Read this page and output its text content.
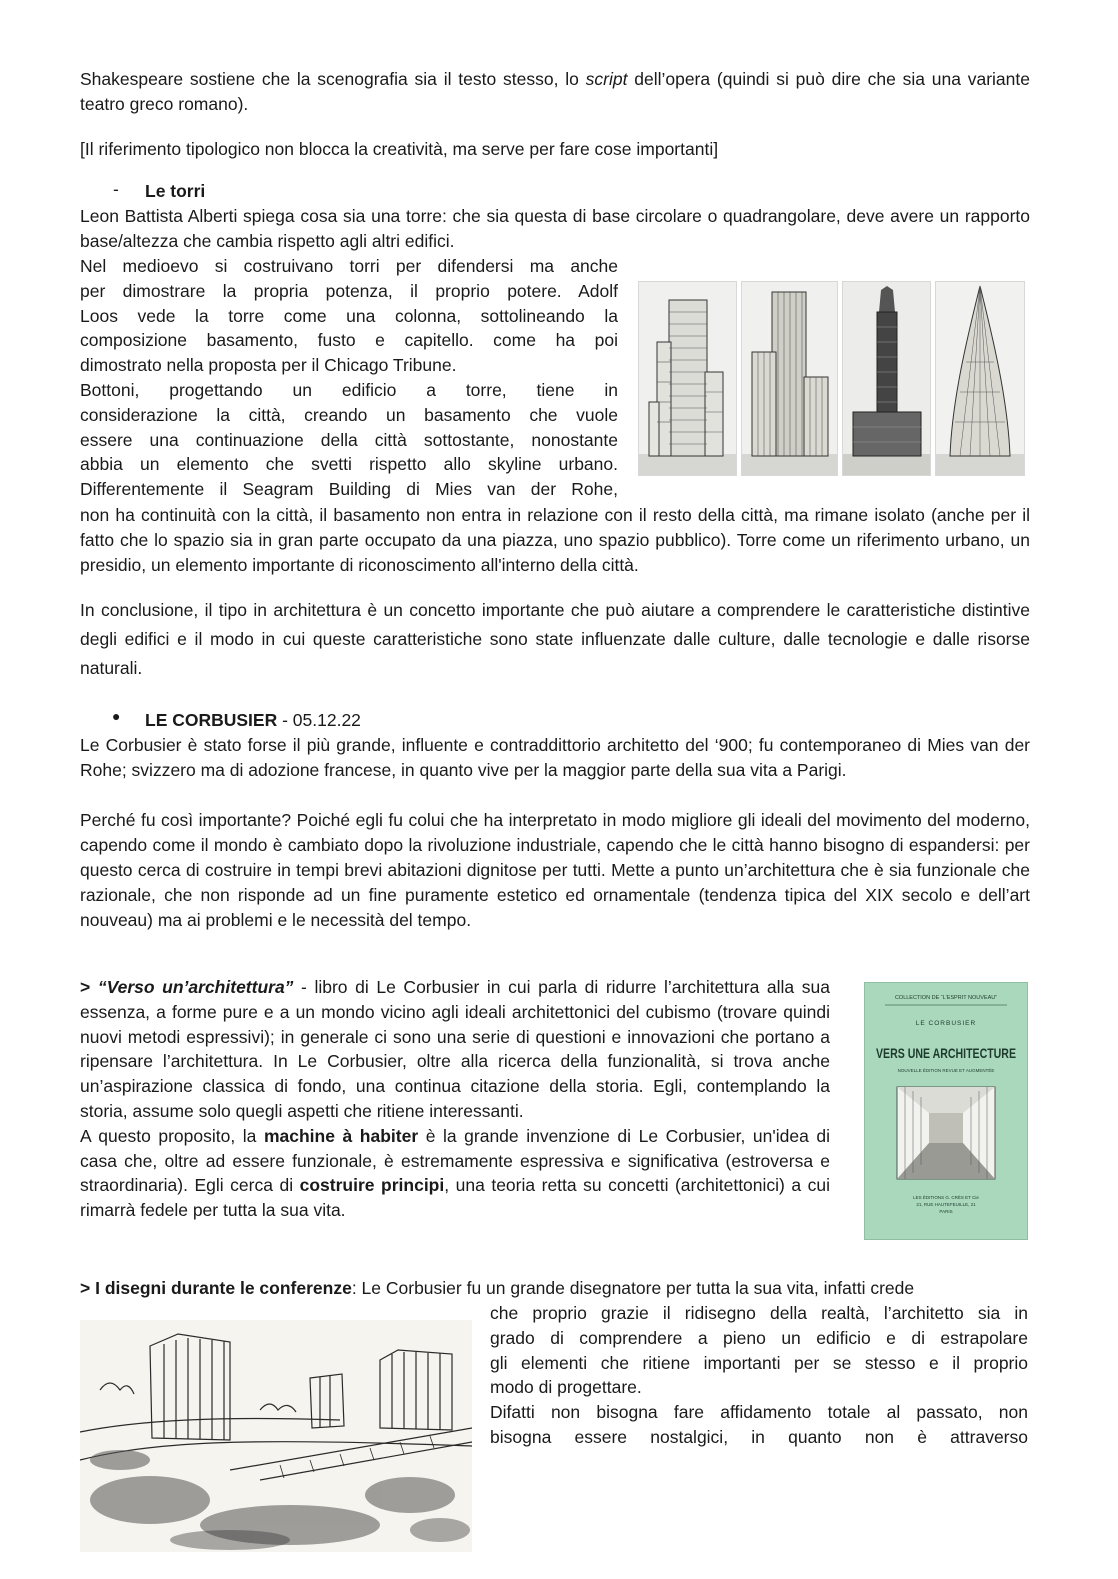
Shakespeare sostiene che la scenografia sia il testo stesso, lo script dell’opera (quindi si può dire che sia una variante teatro greco romano).

[Il riferimento tipologico non blocca la creatività, ma serve per fare cose importanti]

- Le torri

Leon Battista Alberti spiega cosa sia una torre: che sia questa di base circolare o quadrangolare, deve avere un rapporto base/altezza che cambia rispetto agli altri edifici.

Nel medioevo si costruivano torri per difendersi ma anche
per dimostrare la propria potenza, il proprio potere. Adolf
Loos vede la torre come una colonna, sottolineando la
composizione basamento, fusto e capitello. come ha poi
dimostrato nella proposta per il Chicago Tribune.
Bottoni, progettando un edificio a torre, tiene in
considerazione la città, creando un basamento che vuole
essere una continuazione della città sottostante, nonostante
abbia un elemento che svetti rispetto allo skyline urbano.
Differentemente il Seagram Building di Mies van der Rohe,

non ha continuità con la città, il basamento non entra in relazione con il resto della città, ma rimane isolato (anche per il fatto che lo spazio sia in gran parte occupato da una piazza, uno spazio pubblico). Torre come un riferimento urbano, un presidio, un elemento importante di riconoscimento all'interno della città.

In conclusione, il tipo in architettura è un concetto importante che può aiutare a comprendere le caratteristiche distintive degli edifici e il modo in cui queste caratteristiche sono state influenzate dalle culture, dalle tecnologie e dalle risorse naturali.

● LE CORBUSIER - 05.12.22

Le Corbusier è stato forse il più grande, influente e contraddittorio architetto del ‘900; fu contemporaneo di Mies van der Rohe; svizzero ma di adozione francese, in quanto vive per la maggior parte della sua vita a Parigi.

Perché fu così importante? Poiché egli fu colui che ha interpretato in modo migliore gli ideali del movimento del moderno, capendo come il mondo è cambiato dopo la rivoluzione industriale, capendo che le città hanno bisogno di espandersi: per questo cerca di costruire in tempi brevi abitazioni dignitose per tutti. Mette a punto un’architettura che è sia funzionale che razionale, che non risponde ad un fine puramente estetico ed ornamentale (tendenza tipica del XIX secolo e dell’art nouveau) ma ai problemi e le necessità del tempo.

> “Verso un’architettura” - libro di Le Corbusier in cui parla di ridurre l’architettura alla sua essenza, a forme pure e a un mondo vicino agli ideali architettonici del cubismo (trovare quindi nuovi metodi espressivi); in generale ci sono una serie di questioni e innovazioni che portano a ripensare l’architettura. In Le Corbusier, oltre alla ricerca della funzionalità, si trova anche un’aspirazione classica di fondo, una continua citazione della storia. Egli, contemplando la storia, assume solo quegli aspetti che ritiene interessanti.

A questo proposito, la machine à habiter è la grande invenzione di Le Corbusier, un'idea di casa che, oltre ad essere funzionale, è estremamente espressiva e significativa (estroversa e straordinaria). Egli cerca di costruire principi, una teoria retta su concetti (architettonici) a cui rimarrà fedele per tutta la sua vita.

COLLECTION DE “L'ESPRIT NOUVEAU”
LE CORBUSIER
VERS UNE ARCHITECTURE
NOUVELLE ÉDITION REVUE ET AUGMENTÉE
LES ÉDITIONS G. CRÈS ET Cie
21, RUE HAUTEFEUILLE, 21
PARIS

> I disegni durante le conferenze: Le Corbusier fu un grande disegnatore per tutta la sua vita, infatti crede

che proprio grazie il ridisegno della realtà, l’architetto sia in
grado di comprendere a pieno un edificio e di estrapolare
gli elementi che ritiene importanti per se stesso e il proprio
modo di progettare.
Difatti non bisogna fare affidamento totale al passato, non
bisogna essere nostalgici, in quanto non è attraverso
